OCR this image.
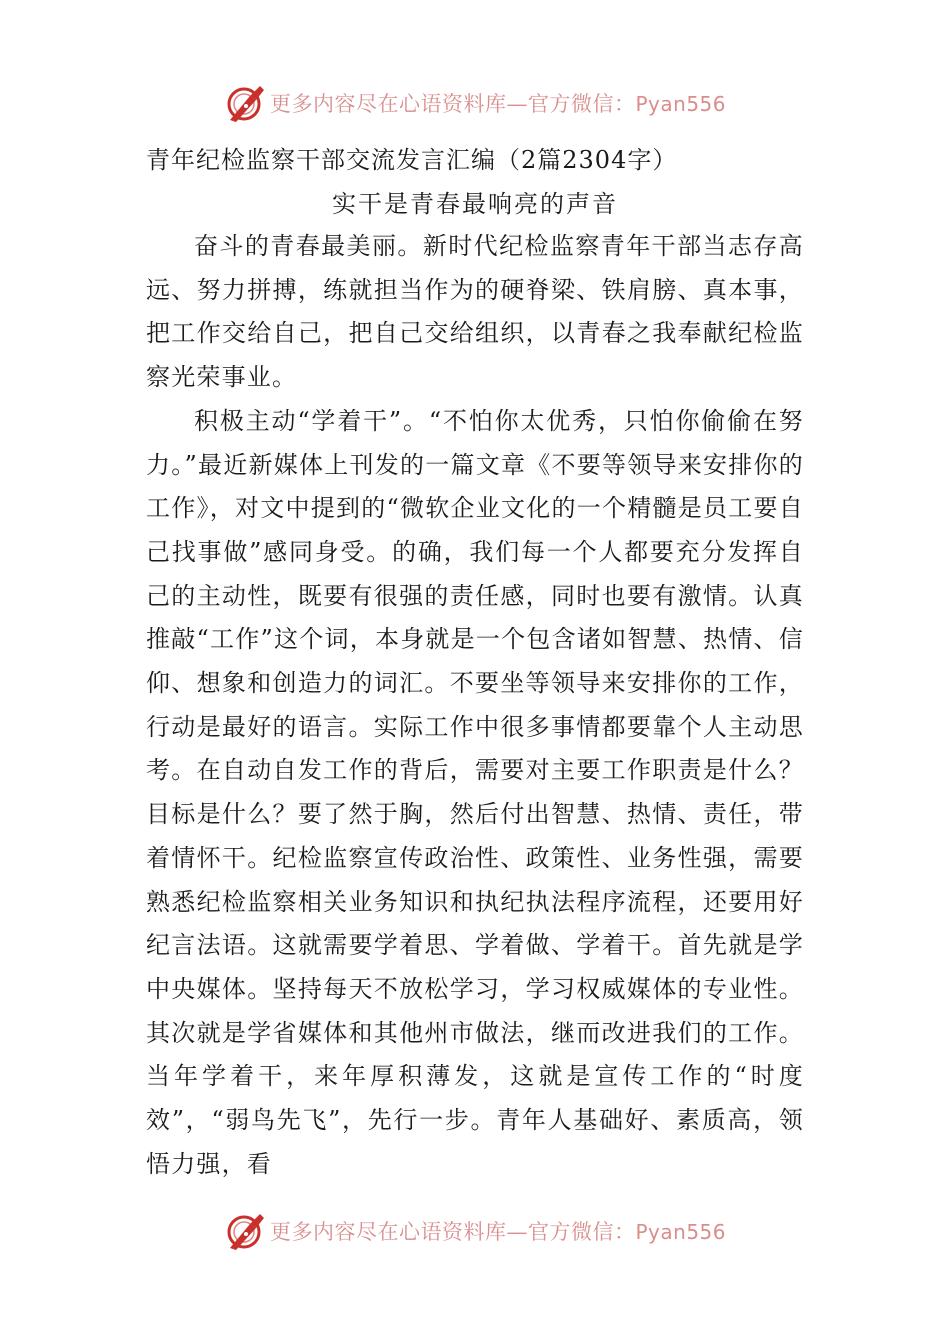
更多内容尽在心语资料库—官方微信：Pyan556
青年纪检监察干部交流发言汇编（2篇2304字）
实干是青春最响亮的声音

奋斗的青春最美丽。新时代纪检监察青年干部当志存高远、努力拼搏，练就担当作为的硬脊梁、铁肩膀、真本事，把工作交给自己，把自己交给组织，以青春之我奉献纪检监察光荣事业。

积极主动“学着干”。“不怕你太优秀，只怕你偷偷在努力。”最近新媒体上刊发的一篇文章《不要等领导来安排你的工作》，对文中提到的“微软企业文化的一个精髓是员工要自己找事做”感同身受。的确，我们每一个人都要充分发挥自己的主动性，既要有很强的责任感，同时也要有激情。认真推敲“工作”这个词，本身就是一个包含诸如智慧、热情、信仰、想象和创造力的词汇。不要坐等领导来安排你的工作，行动是最好的语言。实际工作中很多事情都要靠个人主动思考。在自动自发工作的背后，需要对主要工作职责是什么？目标是什么？要了然于胸，然后付出智慧、热情、责任，带着情怀干。纪检监察宣传政治性、政策性、业务性强，需要熟悉纪检监察相关业务知识和执纪执法程序流程，还要用好纪言法语。这就需要学着思、学着做、学着干。首先就是学中央媒体。坚持每天不放松学习，学习权威媒体的专业性。其次就是学省媒体和其他州市做法，继而改进我们的工作。当年学着干，来年厚积薄发，这就是宣传工作的“时度效”，“弱鸟先飞”，先行一步。青年人基础好、素质高，领悟力强，看

更多内容尽在心语资料库—官方微信：Pyan556
